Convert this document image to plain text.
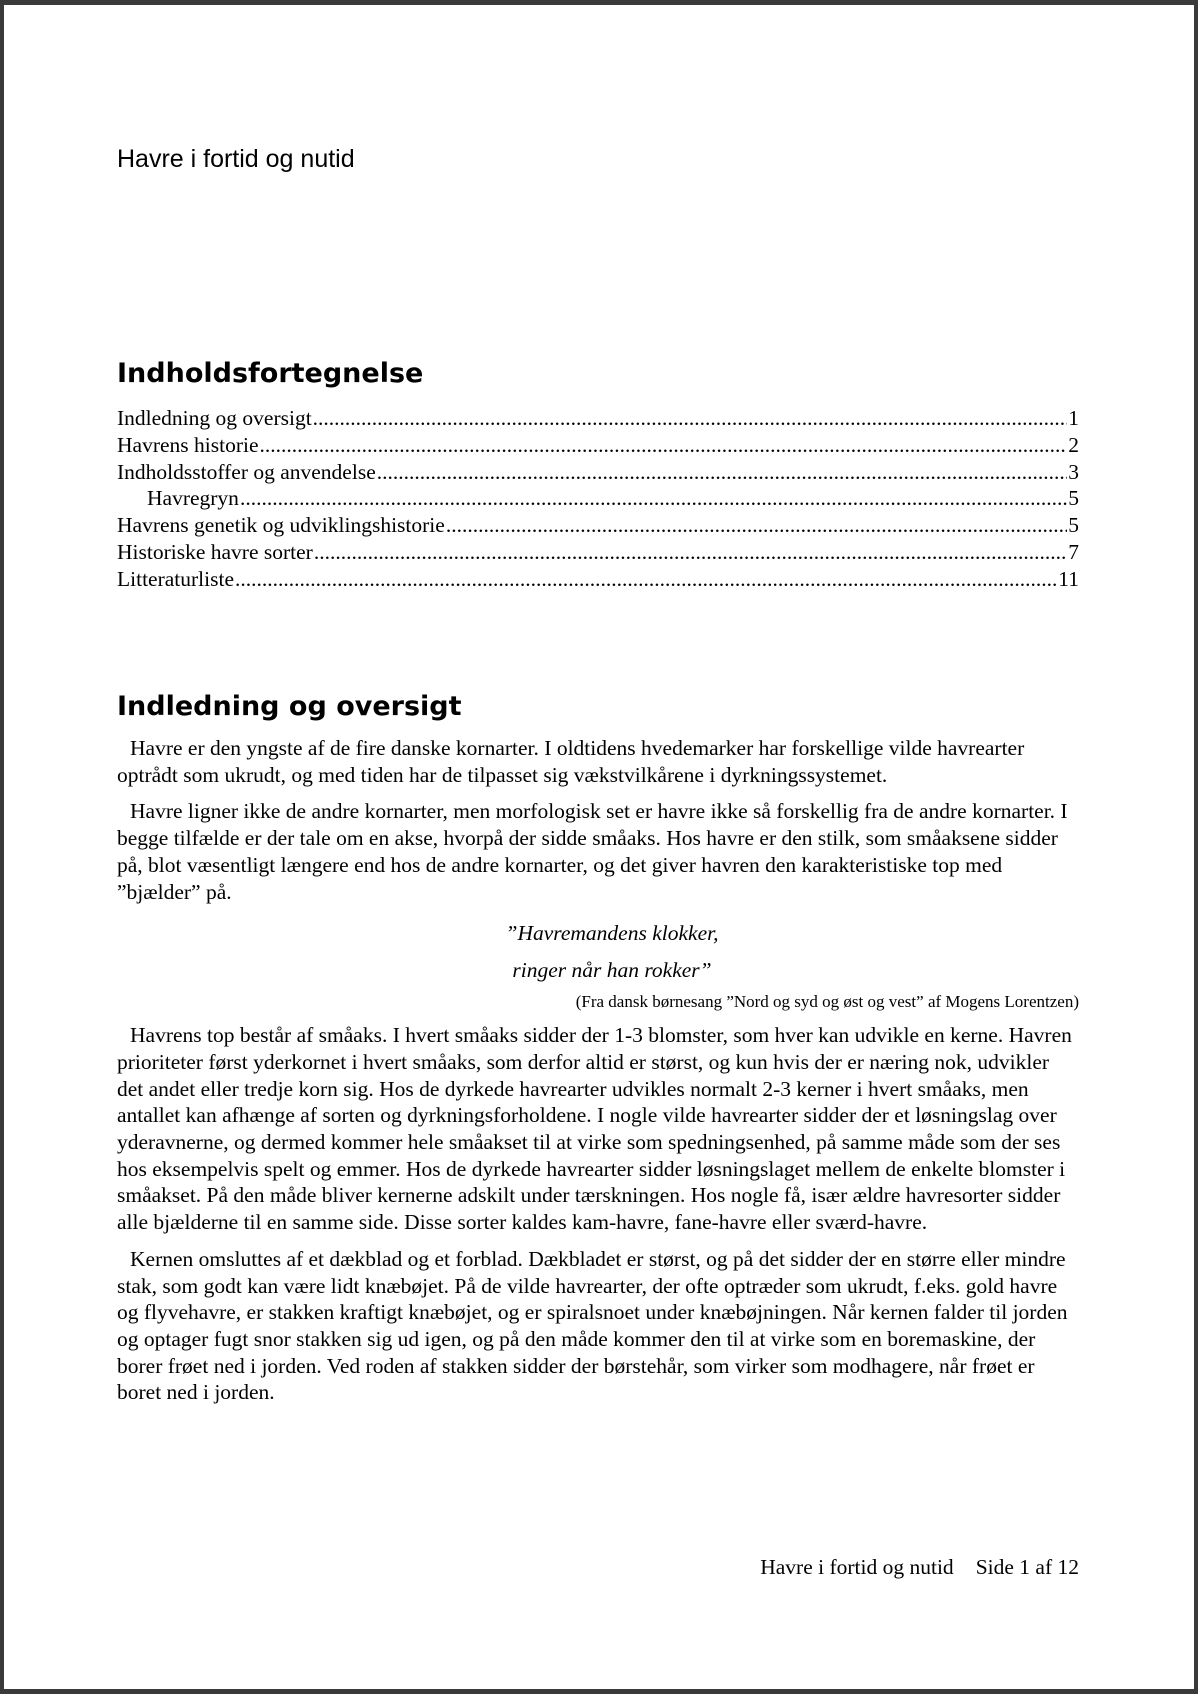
Havre i fortid og nutid
Indholdsfortegnelse
Indledning og oversigt .....	1
Havrens historie .....	2
Indholdsstoffer og anvendelse .....	3
Havregryn .....	5
Havrens genetik og udviklingshistorie .....	5
Historiske havre sorter .....	7
Litteraturliste .....	11
Indledning og oversigt

Havre er den yngste af de fire danske kornarter. I oldtidens hvedemarker har forskellige vilde havrearter optrådt som ukrudt, og med tiden har de tilpasset sig vækstvilkårene i dyrkningssystemet.

Havre ligner ikke de andre kornarter, men morfologisk set er havre ikke så forskellig fra de andre kornarter. I begge tilfælde er der tale om en akse, hvorpå der sidde småaks. Hos havre er den stilk, som småaksene sidder på, blot væsentligt længere end hos de andre kornarter, og det giver havren den karakteristiske top med ”bjælder” på.

”Havremandens klokker,
ringer når han rokker”
(Fra dansk børnesang ”Nord og syd og øst og vest” af Mogens Lorentzen)

Havrens top består af småaks. I hvert småaks sidder der 1-3 blomster, som hver kan udvikle en kerne. Havren prioriteter først yderkornet i hvert småaks, som derfor altid er størst, og kun hvis der er næring nok, udvikler det andet eller tredje korn sig. Hos de dyrkede havrearter udvikles normalt 2-3 kerner i hvert småaks, men antallet kan afhænge af sorten og dyrkningsforholdene. I nogle vilde havrearter sidder der et løsningslag over yderavnerne, og dermed kommer hele småakset til at virke som spedningsenhed, på samme måde som der ses hos eksempelvis spelt og emmer. Hos de dyrkede havrearter sidder løsningslaget mellem de enkelte blomster i småakset. På den måde bliver kernerne adskilt under tærskningen. Hos nogle få, især ældre havresorter sidder alle bjælderne til en samme side. Disse sorter kaldes kam-havre, fane-havre eller sværd-havre.

Kernen omsluttes af et dækblad og et forblad. Dækbladet er størst, og på det sidder der en større eller mindre stak, som godt kan være lidt knæbøjet. På de vilde havrearter, der ofte optræder som ukrudt, f.eks. gold havre og flyvehavre, er stakken kraftigt knæbøjet, og er spiralsnoet under knæbøjningen. Når kernen falder til jorden og optager fugt snor stakken sig ud igen, og på den måde kommer den til at virke som en boremaskine, der borer frøet ned i jorden. Ved roden af stakken sidder der børstehår, som virker som modhagere, når frøet er boret ned i jorden.

Havre i fortid og nutid Side 1 af 12
